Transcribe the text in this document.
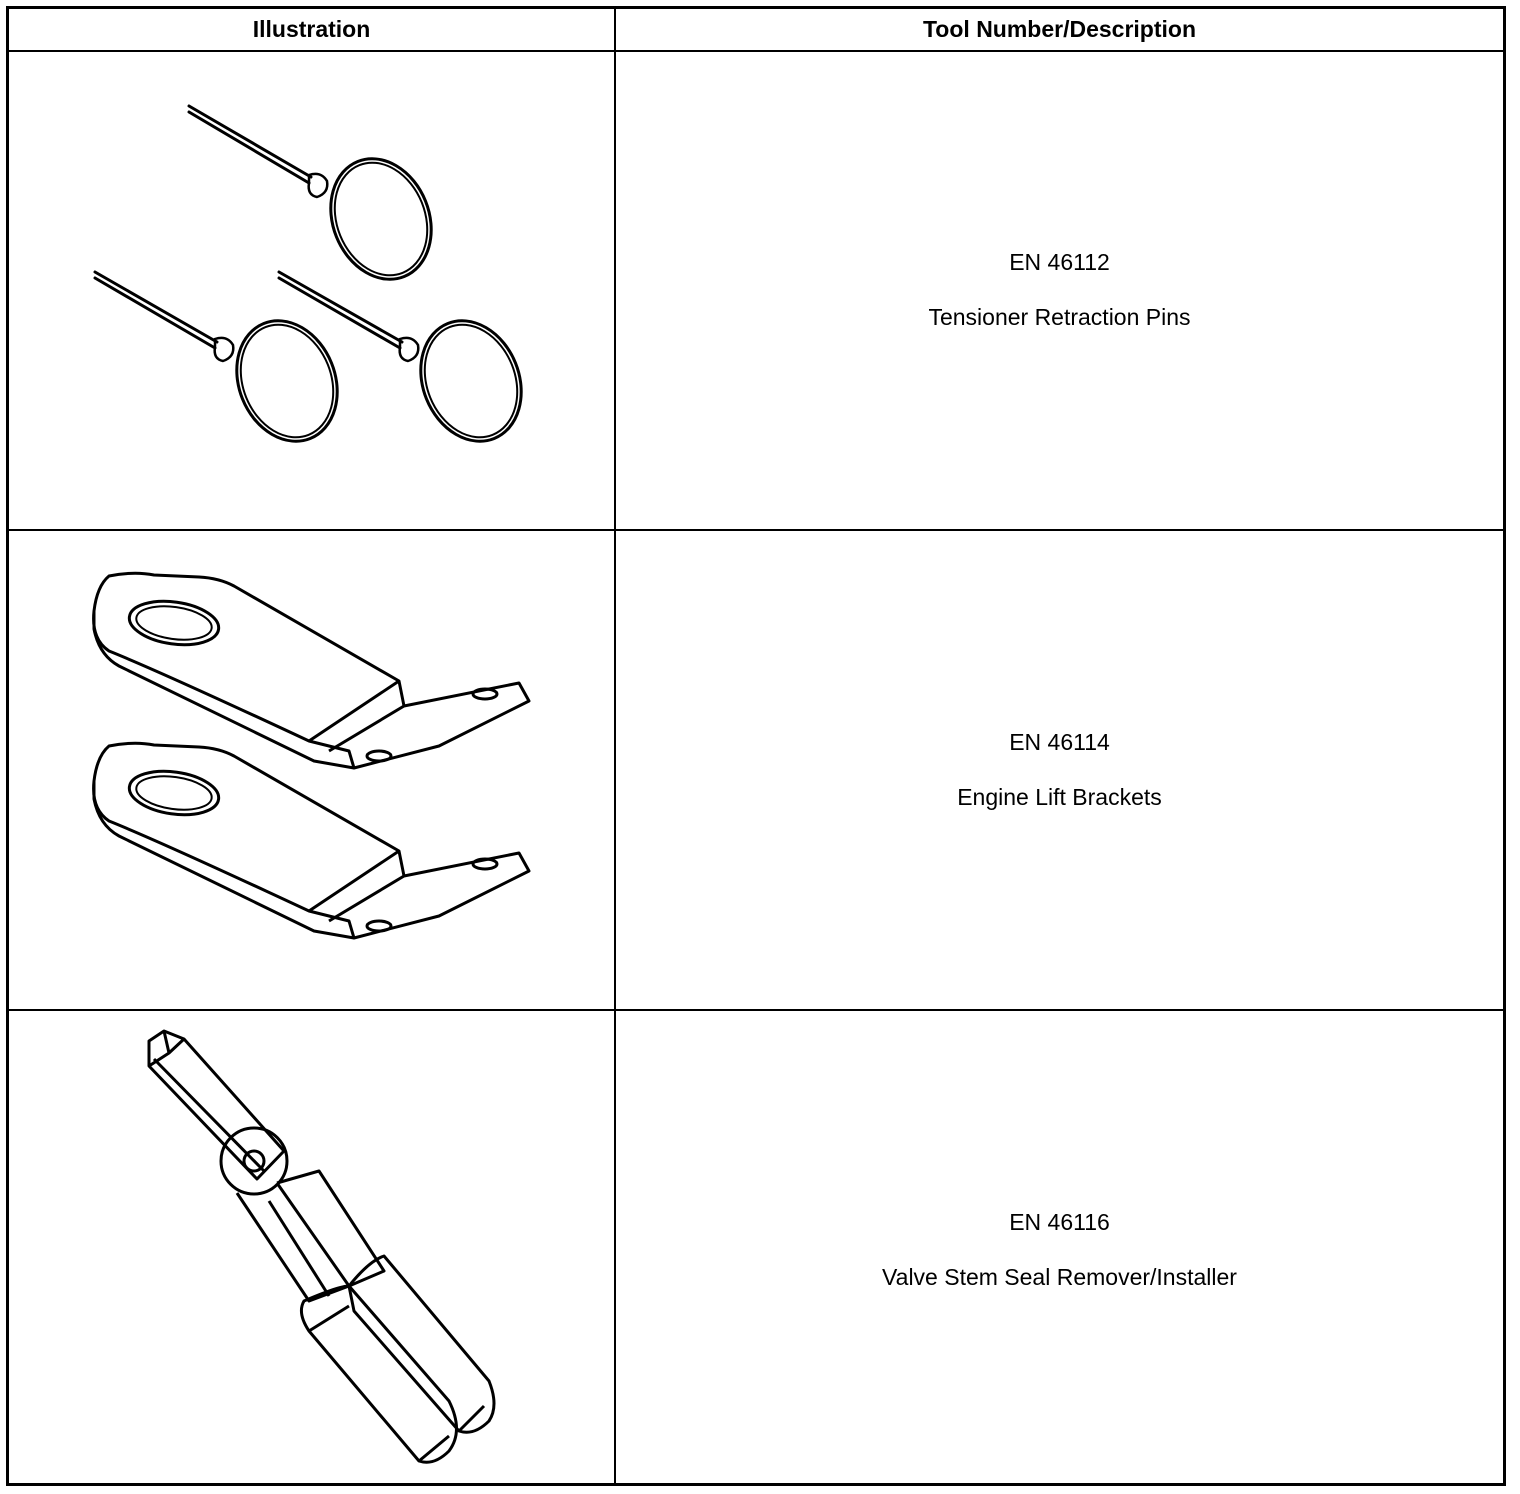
Illustration	Tool Number/Description
EN 46112
Tensioner Retraction Pins
EN 46114
Engine Lift Brackets
EN 46116
Valve Stem Seal Remover/Installer
